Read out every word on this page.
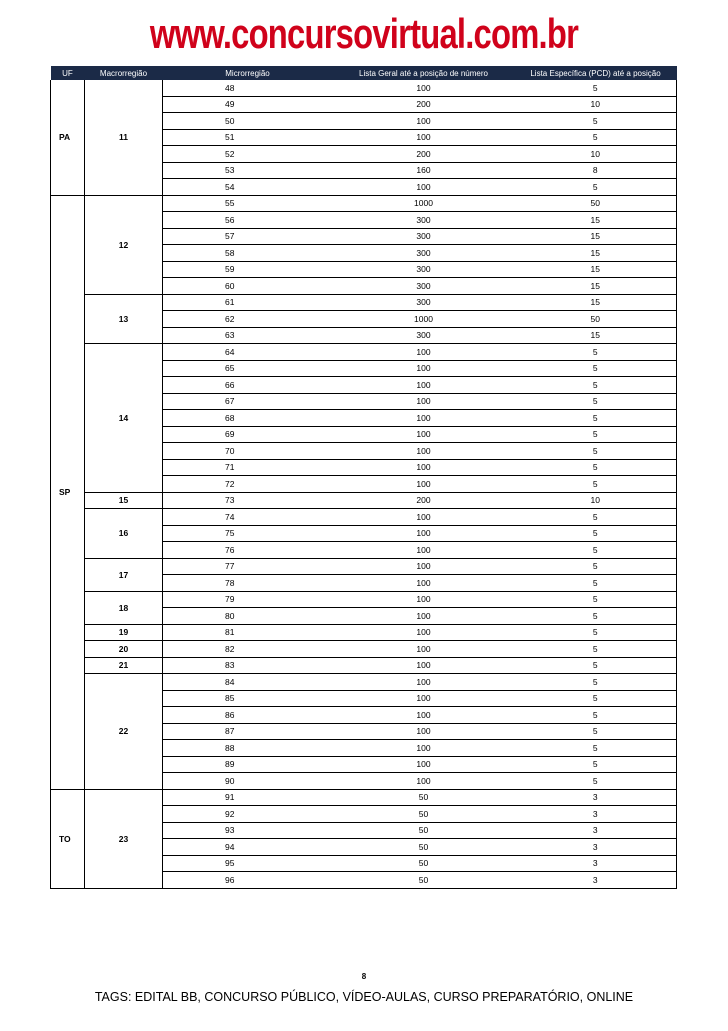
www.concursovirtual.com.br
UF	Macrorregião	Microrregião	Lista Geral até a posição de número	Lista Específica (PCD) até a posição
PA	11	48	100	5
		49	200	10
		50	100	5
		51	100	5
		52	200	10
		53	160	8
		54	100	5
SP	12	55	1000	50
		56	300	15
		57	300	15
		58	300	15
		59	300	15
		60	300	15
	13	61	300	15
		62	1000	50
		63	300	15
	14	64	100	5
		65	100	5
		66	100	5
		67	100	5
		68	100	5
		69	100	5
		70	100	5
		71	100	5
		72	100	5
	15	73	200	10
	16	74	100	5
		75	100	5
		76	100	5
	17	77	100	5
		78	100	5
	18	79	100	5
		80	100	5
	19	81	100	5
	20	82	100	5
	21	83	100	5
	22	84	100	5
		85	100	5
		86	100	5
		87	100	5
		88	100	5
		89	100	5
		90	100	5
TO	23	91	50	3
		92	50	3
		93	50	3
		94	50	3
		95	50	3
		96	50	3
8
TAGS: EDITAL BB, CONCURSO PÚBLICO, VÍDEO-AULAS, CURSO PREPARATÓRIO, ONLINE
